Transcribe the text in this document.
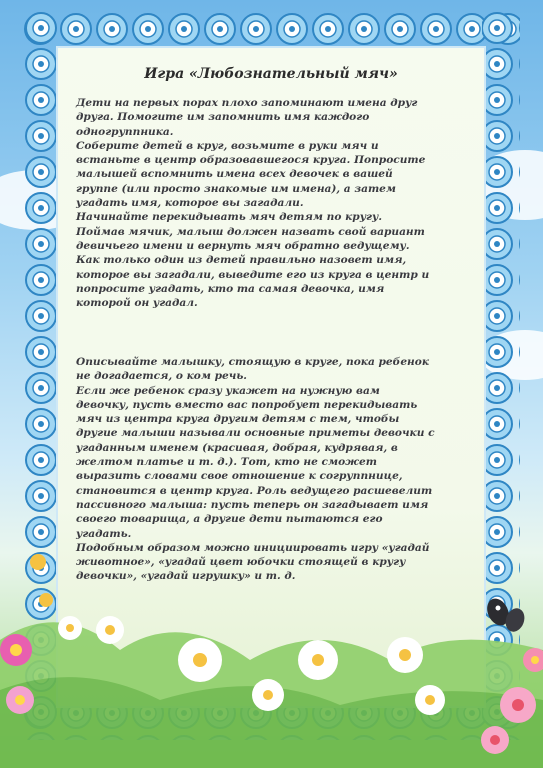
Игра «Любознательный мяч»
Дети на первых порах плохо запоминают имена друг
друга. Помогите им запомнить имя каждого
одногруппника.
Соберите детей в круг, возьмите в руки мяч и
встаньте в центр образовавшегося круга. Попросите
малышей вспомнить имена всех девочек в вашей
группе (или просто знакомые им имена), а затем
угадать имя, которое вы загадали.
Начинайте перекидывать мяч детям по кругу.
Поймав мячик, малыш должен назвать свой вариант
девичьего имени и вернуть мяч обратно ведущему.
Как только один из детей правильно назовет имя,
которое вы загадали, выведите его из круга в центр и
попросите угадать, кто та самая девочка, имя
которой он угадал.
Описывайте малышку, стоящую в круге, пока ребенок
не догадается, о ком речь.
Если же ребенок сразу укажет на нужную вам
девочку, пусть вместо вас попробует перекидывать
мяч из центра круга другим детям с тем, чтобы
другие малыши называли основные приметы девочки с
угаданным именем (красивая, добрая, кудрявая, в
желтом платье и т. д.). Тот, кто не сможет
выразить словами свое отношение к согруппнице,
становится в центр круга. Роль ведущего расшевелит
пассивного малыша: пусть теперь он загадывает имя
своего товарища, а другие дети пытаются его
угадать.
Подобным образом можно инициировать игру «угадай
животное», «угадай цвет юбочки стоящей в кругу
девочки», «угадай игрушку» и т. д.
